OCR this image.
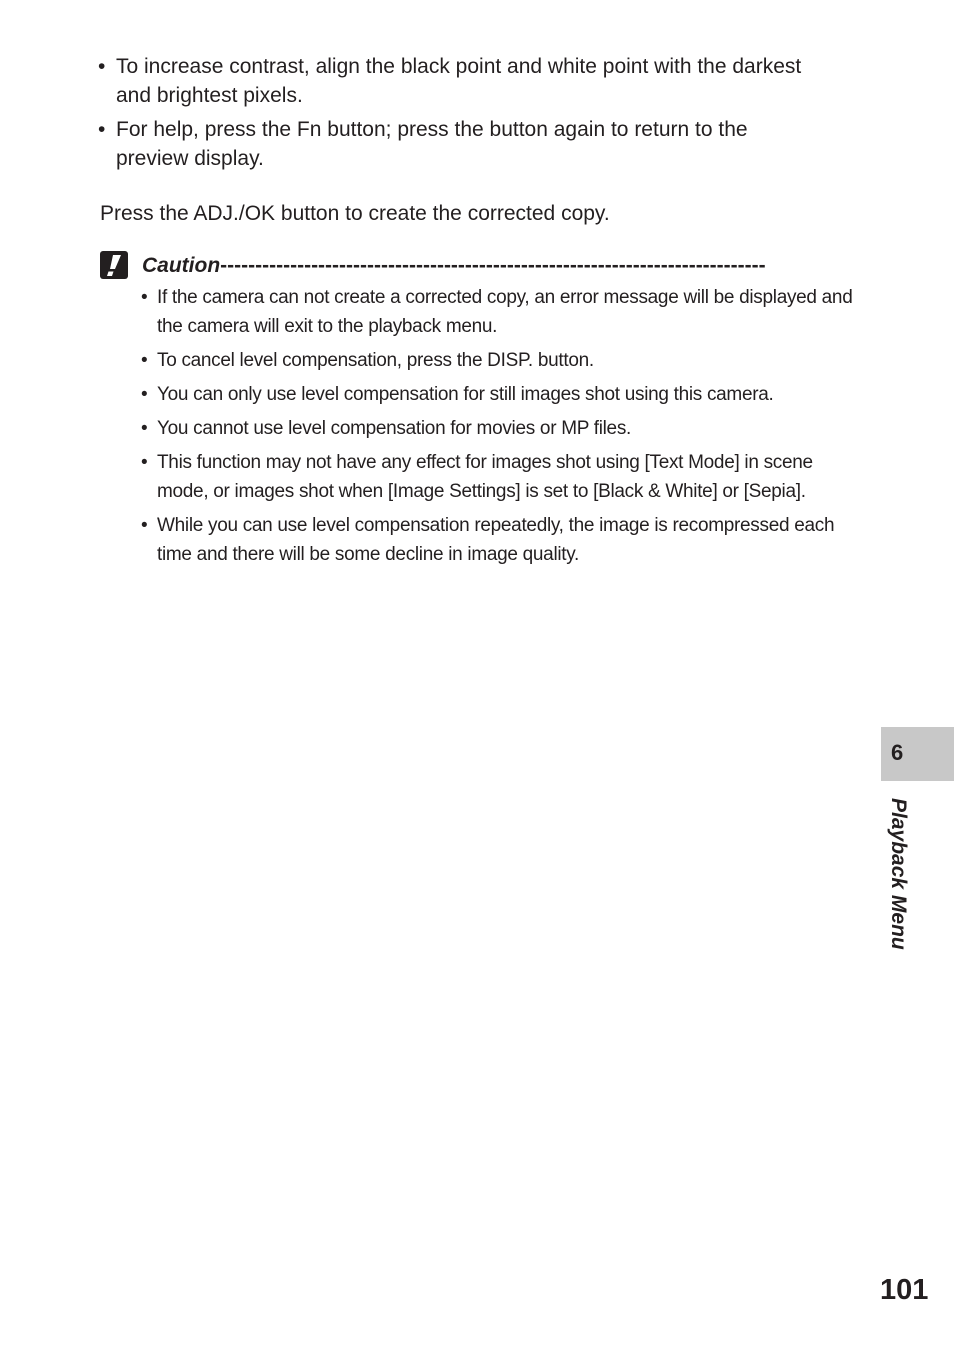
• To increase contrast, align the black point and white point with the darkest and brightest pixels.
• For help, press the Fn button; press the button again to return to the preview display.

Press the ADJ./OK button to create the corrected copy.

Caution ------------------------------------------------------------------------------
• If the camera can not create a corrected copy, an error message will be displayed and the camera will exit to the playback menu.
• To cancel level compensation, press the DISP. button.
• You can only use level compensation for still images shot using this camera.
• You cannot use level compensation for movies or MP files.
• This function may not have any effect for images shot using [Text Mode] in scene mode, or images shot when [Image Settings] is set to [Black & White] or [Sepia].
• While you can use level compensation repeatedly, the image is recompressed each time and there will be some decline in image quality.
6
Playback Menu
101
